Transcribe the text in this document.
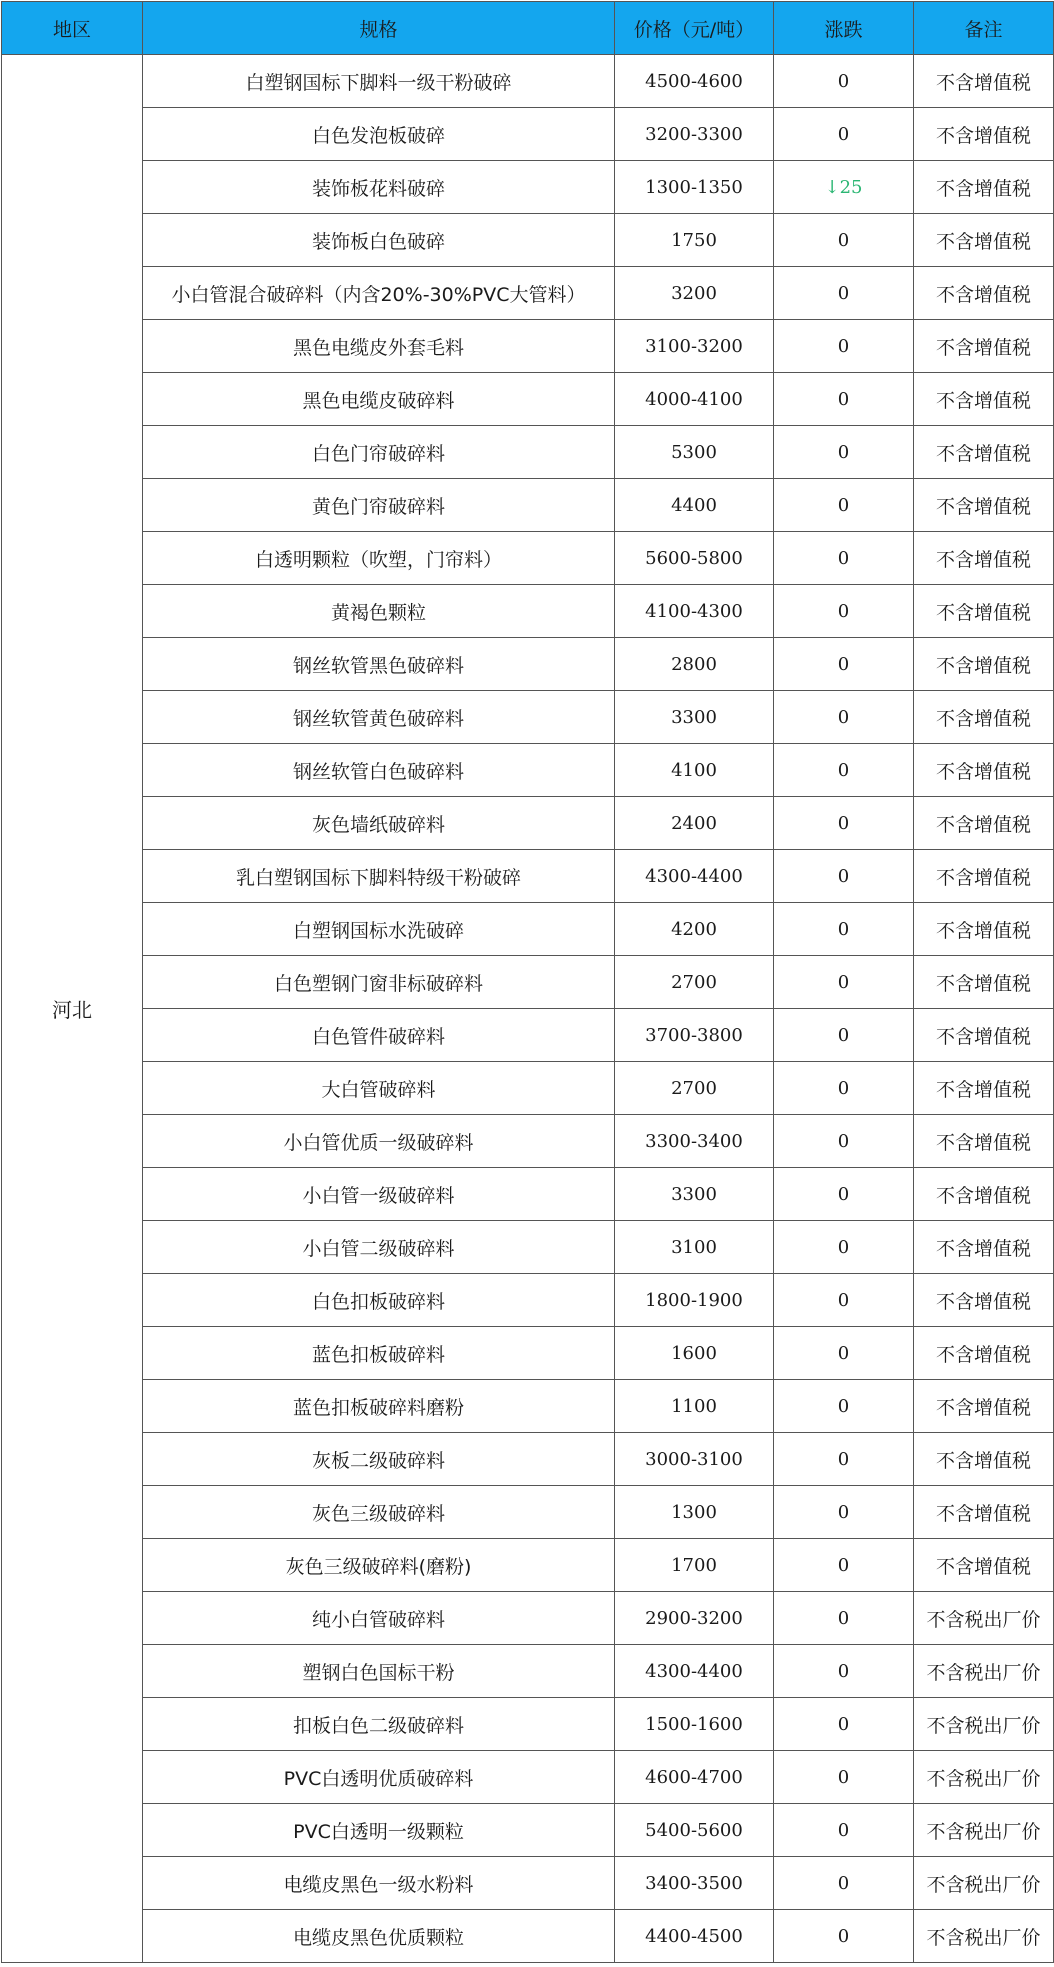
地区	规格	价格（元/吨）	涨跌	备注
河北	白塑钢国标下脚料一级干粉破碎	4500-4600	0	不含增值税
	白色发泡板破碎	3200-3300	0	不含增值税
	装饰板花料破碎	1300-1350	↓25	不含增值税
	装饰板白色破碎	1750	0	不含增值税
	小白管混合破碎料（内含20%-30%PVC大管料）	3200	0	不含增值税
	黑色电缆皮外套毛料	3100-3200	0	不含增值税
	黑色电缆皮破碎料	4000-4100	0	不含增值税
	白色门帘破碎料	5300	0	不含增值税
	黄色门帘破碎料	4400	0	不含增值税
	白透明颗粒（吹塑，门帘料）	5600-5800	0	不含增值税
	黄褐色颗粒	4100-4300	0	不含增值税
	钢丝软管黑色破碎料	2800	0	不含增值税
	钢丝软管黄色破碎料	3300	0	不含增值税
	钢丝软管白色破碎料	4100	0	不含增值税
	灰色墙纸破碎料	2400	0	不含增值税
	乳白塑钢国标下脚料特级干粉破碎	4300-4400	0	不含增值税
	白塑钢国标水洗破碎	4200	0	不含增值税
	白色塑钢门窗非标破碎料	2700	0	不含增值税
	白色管件破碎料	3700-3800	0	不含增值税
	大白管破碎料	2700	0	不含增值税
	小白管优质一级破碎料	3300-3400	0	不含增值税
	小白管一级破碎料	3300	0	不含增值税
	小白管二级破碎料	3100	0	不含增值税
	白色扣板破碎料	1800-1900	0	不含增值税
	蓝色扣板破碎料	1600	0	不含增值税
	蓝色扣板破碎料磨粉	1100	0	不含增值税
	灰板二级破碎料	3000-3100	0	不含增值税
	灰色三级破碎料	1300	0	不含增值税
	灰色三级破碎料(磨粉)	1700	0	不含增值税
	纯小白管破碎料	2900-3200	0	不含税出厂价
	塑钢白色国标干粉	4300-4400	0	不含税出厂价
	扣板白色二级破碎料	1500-1600	0	不含税出厂价
	PVC白透明优质破碎料	4600-4700	0	不含税出厂价
	PVC白透明一级颗粒	5400-5600	0	不含税出厂价
	电缆皮黑色一级水粉料	3400-3500	0	不含税出厂价
	电缆皮黑色优质颗粒	4400-4500	0	不含税出厂价
